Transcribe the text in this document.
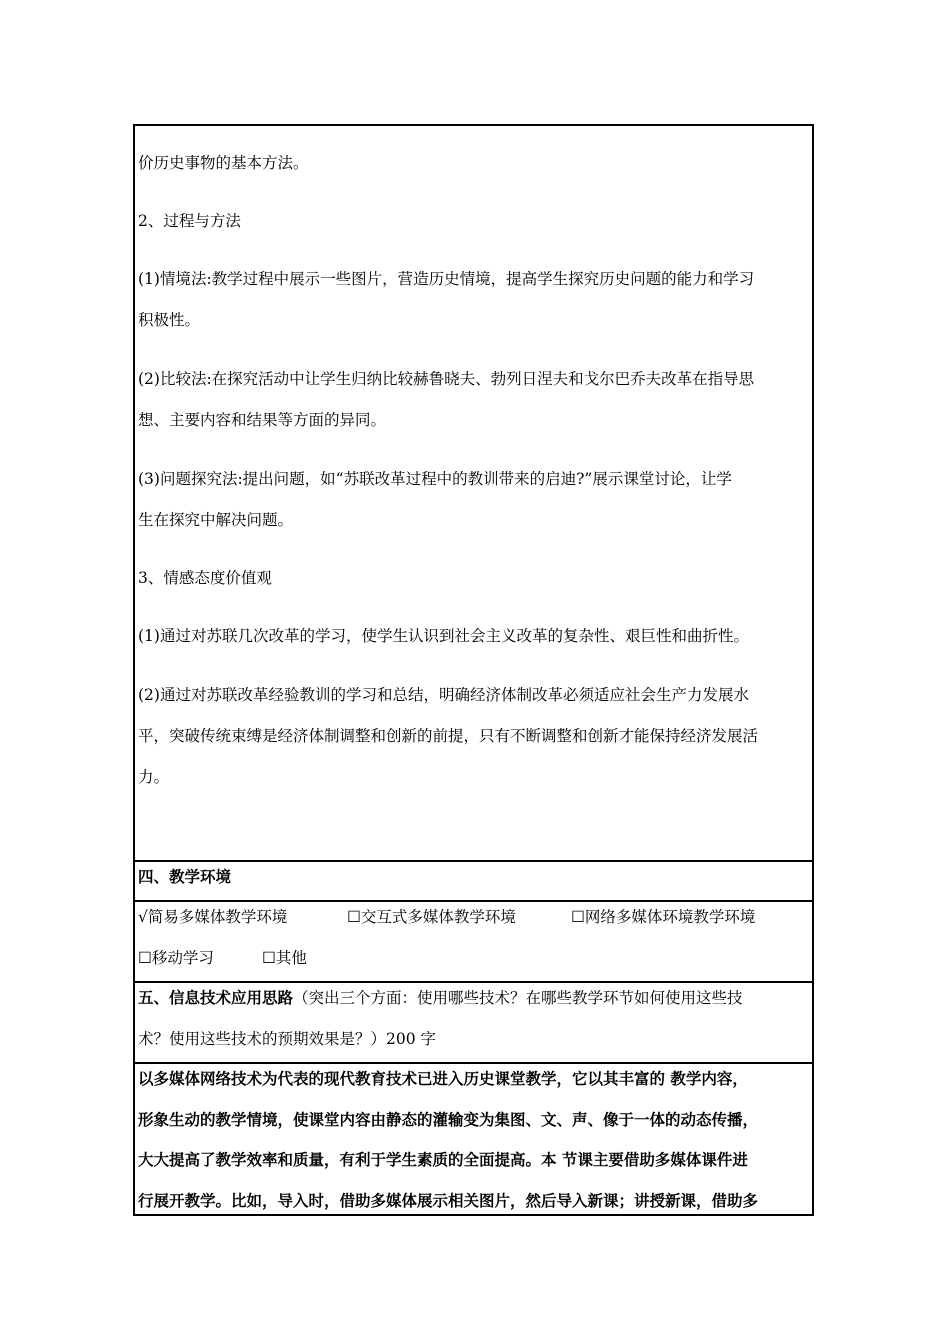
价历史事物的基本方法。
2、过程与方法
(1)情境法:教学过程中展示一些图片，营造历史情境，提高学生探究历史问题的能力和学习
积极性。
(2)比较法:在探究活动中让学生归纳比较赫鲁晓夫、勃列日涅夫和戈尔巴乔夫改革在指导思
想、主要内容和结果等方面的异同。
(3)问题探究法:提出问题，如“苏联改革过程中的教训带来的启迪?”展示课堂讨论，让学
生在探究中解决问题。
3、情感态度价值观
(1)通过对苏联几次改革的学习，使学生认识到社会主义改革的复杂性、艰巨性和曲折性。
(2)通过对苏联改革经验教训的学习和总结，明确经济体制改革必须适应社会生产力发展水
平，突破传统束缚是经济体制调整和创新的前提，只有不断调整和创新才能保持经济发展活
力。
四、教学环境
√简易多媒体教学环境	☐交互式多媒体教学环境	☐网络多媒体环境教学环境
☐移动学习	☐其他
五、信息技术应用思路（突出三个方面：使用哪些技术？在哪些教学环节如何使用这些技
术？使用这些技术的预期效果是？）200 字
以多媒体网络技术为代表的现代教育技术已进入历史课堂教学，它以其丰富的 教学内容，
形象生动的教学情境，使课堂内容由静态的灌输变为集图、文、声、像于一体的动态传播，
大大提高了教学效率和质量，有利于学生素质的全面提高。本 节课主要借助多媒体课件进
行展开教学。比如，导入时，借助多媒体展示相关图片，然后导入新课；讲授新课，借助多
